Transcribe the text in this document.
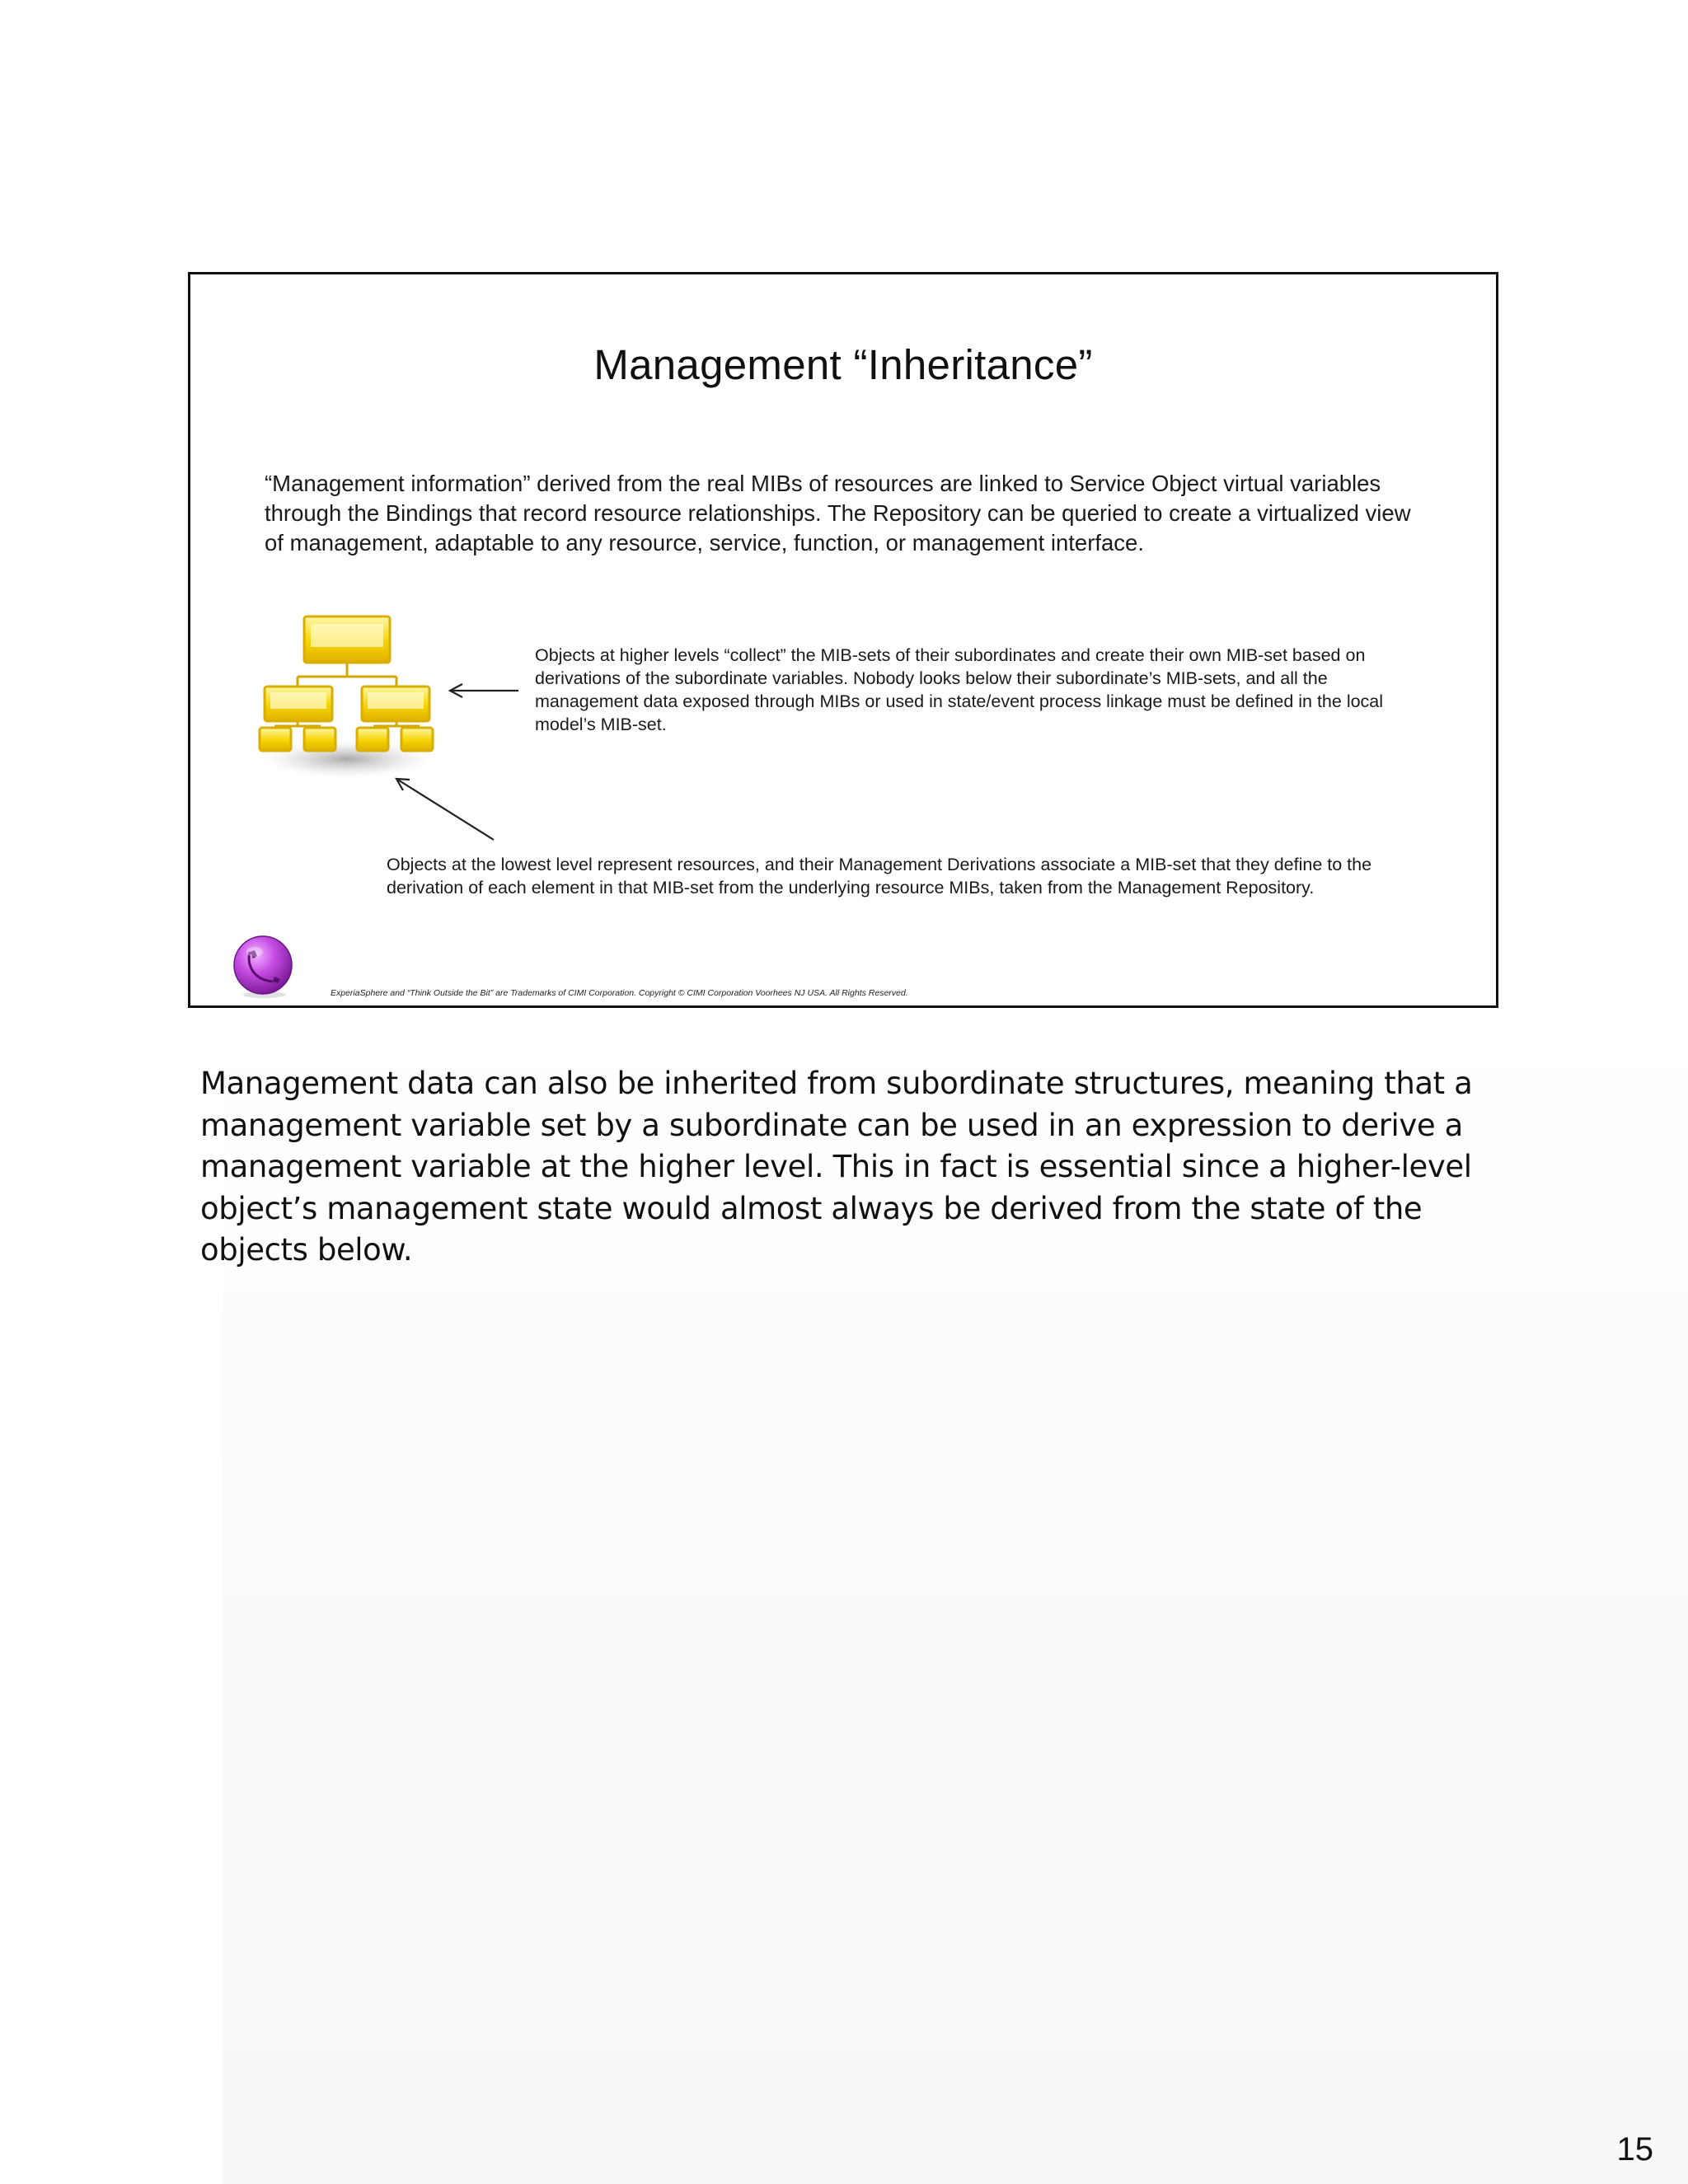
Management “Inheritance”
“Management information” derived from the real MIBs of resources are linked to Service Object virtual variables through the Bindings that record resource relationships. The Repository can be queried to create a virtualized view of management, adaptable to any resource, service, function, or management interface.
Objects at higher levels “collect” the MIB-sets of their subordinates and create their own MIB-set based on derivations of the subordinate variables. Nobody looks below their subordinate’s MIB-sets, and all the management data exposed through MIBs or used in state/event process linkage must be defined in the local model’s MIB-set.
Objects at the lowest level represent resources, and their Management Derivations associate a MIB-set that they define to the derivation of each element in that MIB-set from the underlying resource MIBs, taken from the Management Repository.
ExperiaSphere and “Think Outside the Bit” are Trademarks of CIMI Corporation. Copyright © CIMI Corporation Voorhees NJ USA. All Rights Reserved.
Management data can also be inherited from subordinate structures, meaning that a management variable set by a subordinate can be used in an expression to derive a management variable at the higher level. This in fact is essential since a higher-level object’s management state would almost always be derived from the state of the objects below.
15
